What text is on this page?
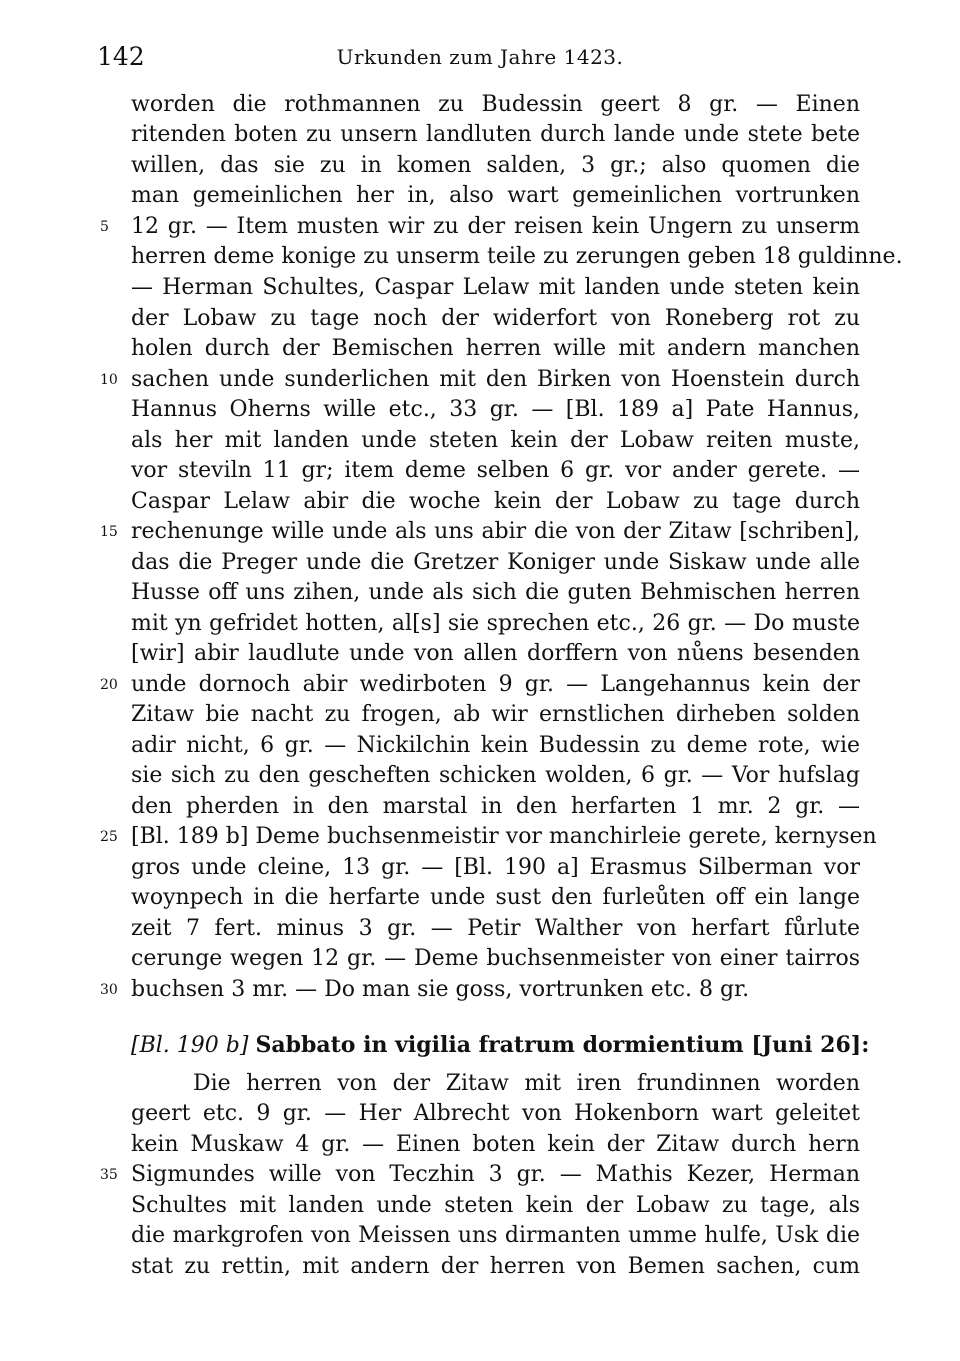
142	Urkunden zum Jahre 1423.
worden die rothmannen zu Budessin geert 8 gr. — Einen
ritenden boten zu unsern landluten durch lande unde stete bete
willen, das sie zu in komen salden, 3 gr.; also quomen die
man gemeinlichen her in, also wart gemeinlichen vortrunken
12 gr. — Item musten wir zu der reisen kein Ungern zu unserm
herren deme konige zu unserm teile zu zerungen geben 18 guldinne.
— Herman Schultes, Caspar Lelaw mit landen unde steten kein
der Lobaw zu tage noch der widerfort von Roneberg rot zu
holen durch der Bemischen herren wille mit andern manchen
sachen unde sunderlichen mit den Birken von Hoenstein durch
Hannus Oherns wille etc., 33 gr. — [Bl. 189 a] Pate Hannus,
als her mit landen unde steten kein der Lobaw reiten muste,
vor steviln 11 gr; item deme selben 6 gr. vor ander gerete. —
Caspar Lelaw abir die woche kein der Lobaw zu tage durch
rechenunge wille unde als uns abir die von der Zitaw [schriben],
das die Preger unde die Gretzer Koniger unde Siskaw unde alle
Husse off uns zihen, unde als sich die guten Behmischen herren
mit yn gefridet hotten, al[s] sie sprechen etc., 26 gr. — Do muste
[wir] abir laudlute unde von allen dorffern von nůens besenden
unde dornoch abir wedirboten 9 gr. — Langehannus kein der
Zitaw bie nacht zu frogen, ab wir ernstlichen dirheben solden
adir nicht, 6 gr. — Nickilchin kein Budessin zu deme rote, wie
sie sich zu den gescheften schicken wolden, 6 gr. — Vor hufslag
den pherden in den marstal in den herfarten 1 mr. 2 gr. —
[Bl. 189 b] Deme buchsenmeistir vor manchirleie gerete, kernysen
gros unde cleine, 13 gr. — [Bl. 190 a] Erasmus Silberman vor
woynpech in die herfarte unde sust den furleůten off ein lange
zeit 7 fert. minus 3 gr. — Petir Walther von herfart fůrlute
cerunge wegen 12 gr. — Deme buchsenmeister von einer tairros
buchsen 3 mr. — Do man sie goss, vortrunken etc. 8 gr.
[Bl. 190 b] Sabbato in vigilia fratrum dormientium [Juni 26]:
Die herren von der Zitaw mit iren frundinnen worden
geert etc. 9 gr. — Her Albrecht von Hokenborn wart geleitet
kein Muskaw 4 gr. — Einen boten kein der Zitaw durch hern
Sigmundes wille von Teczhin 3 gr. — Mathis Kezer, Herman
Schultes mit landen unde steten kein der Lobaw zu tage, als
die markgrofen von Meissen uns dirmanten umme hulfe, Usk die
stat zu rettin, mit andern der herren von Bemen sachen, cum
5
10
15
20
25
30
35
